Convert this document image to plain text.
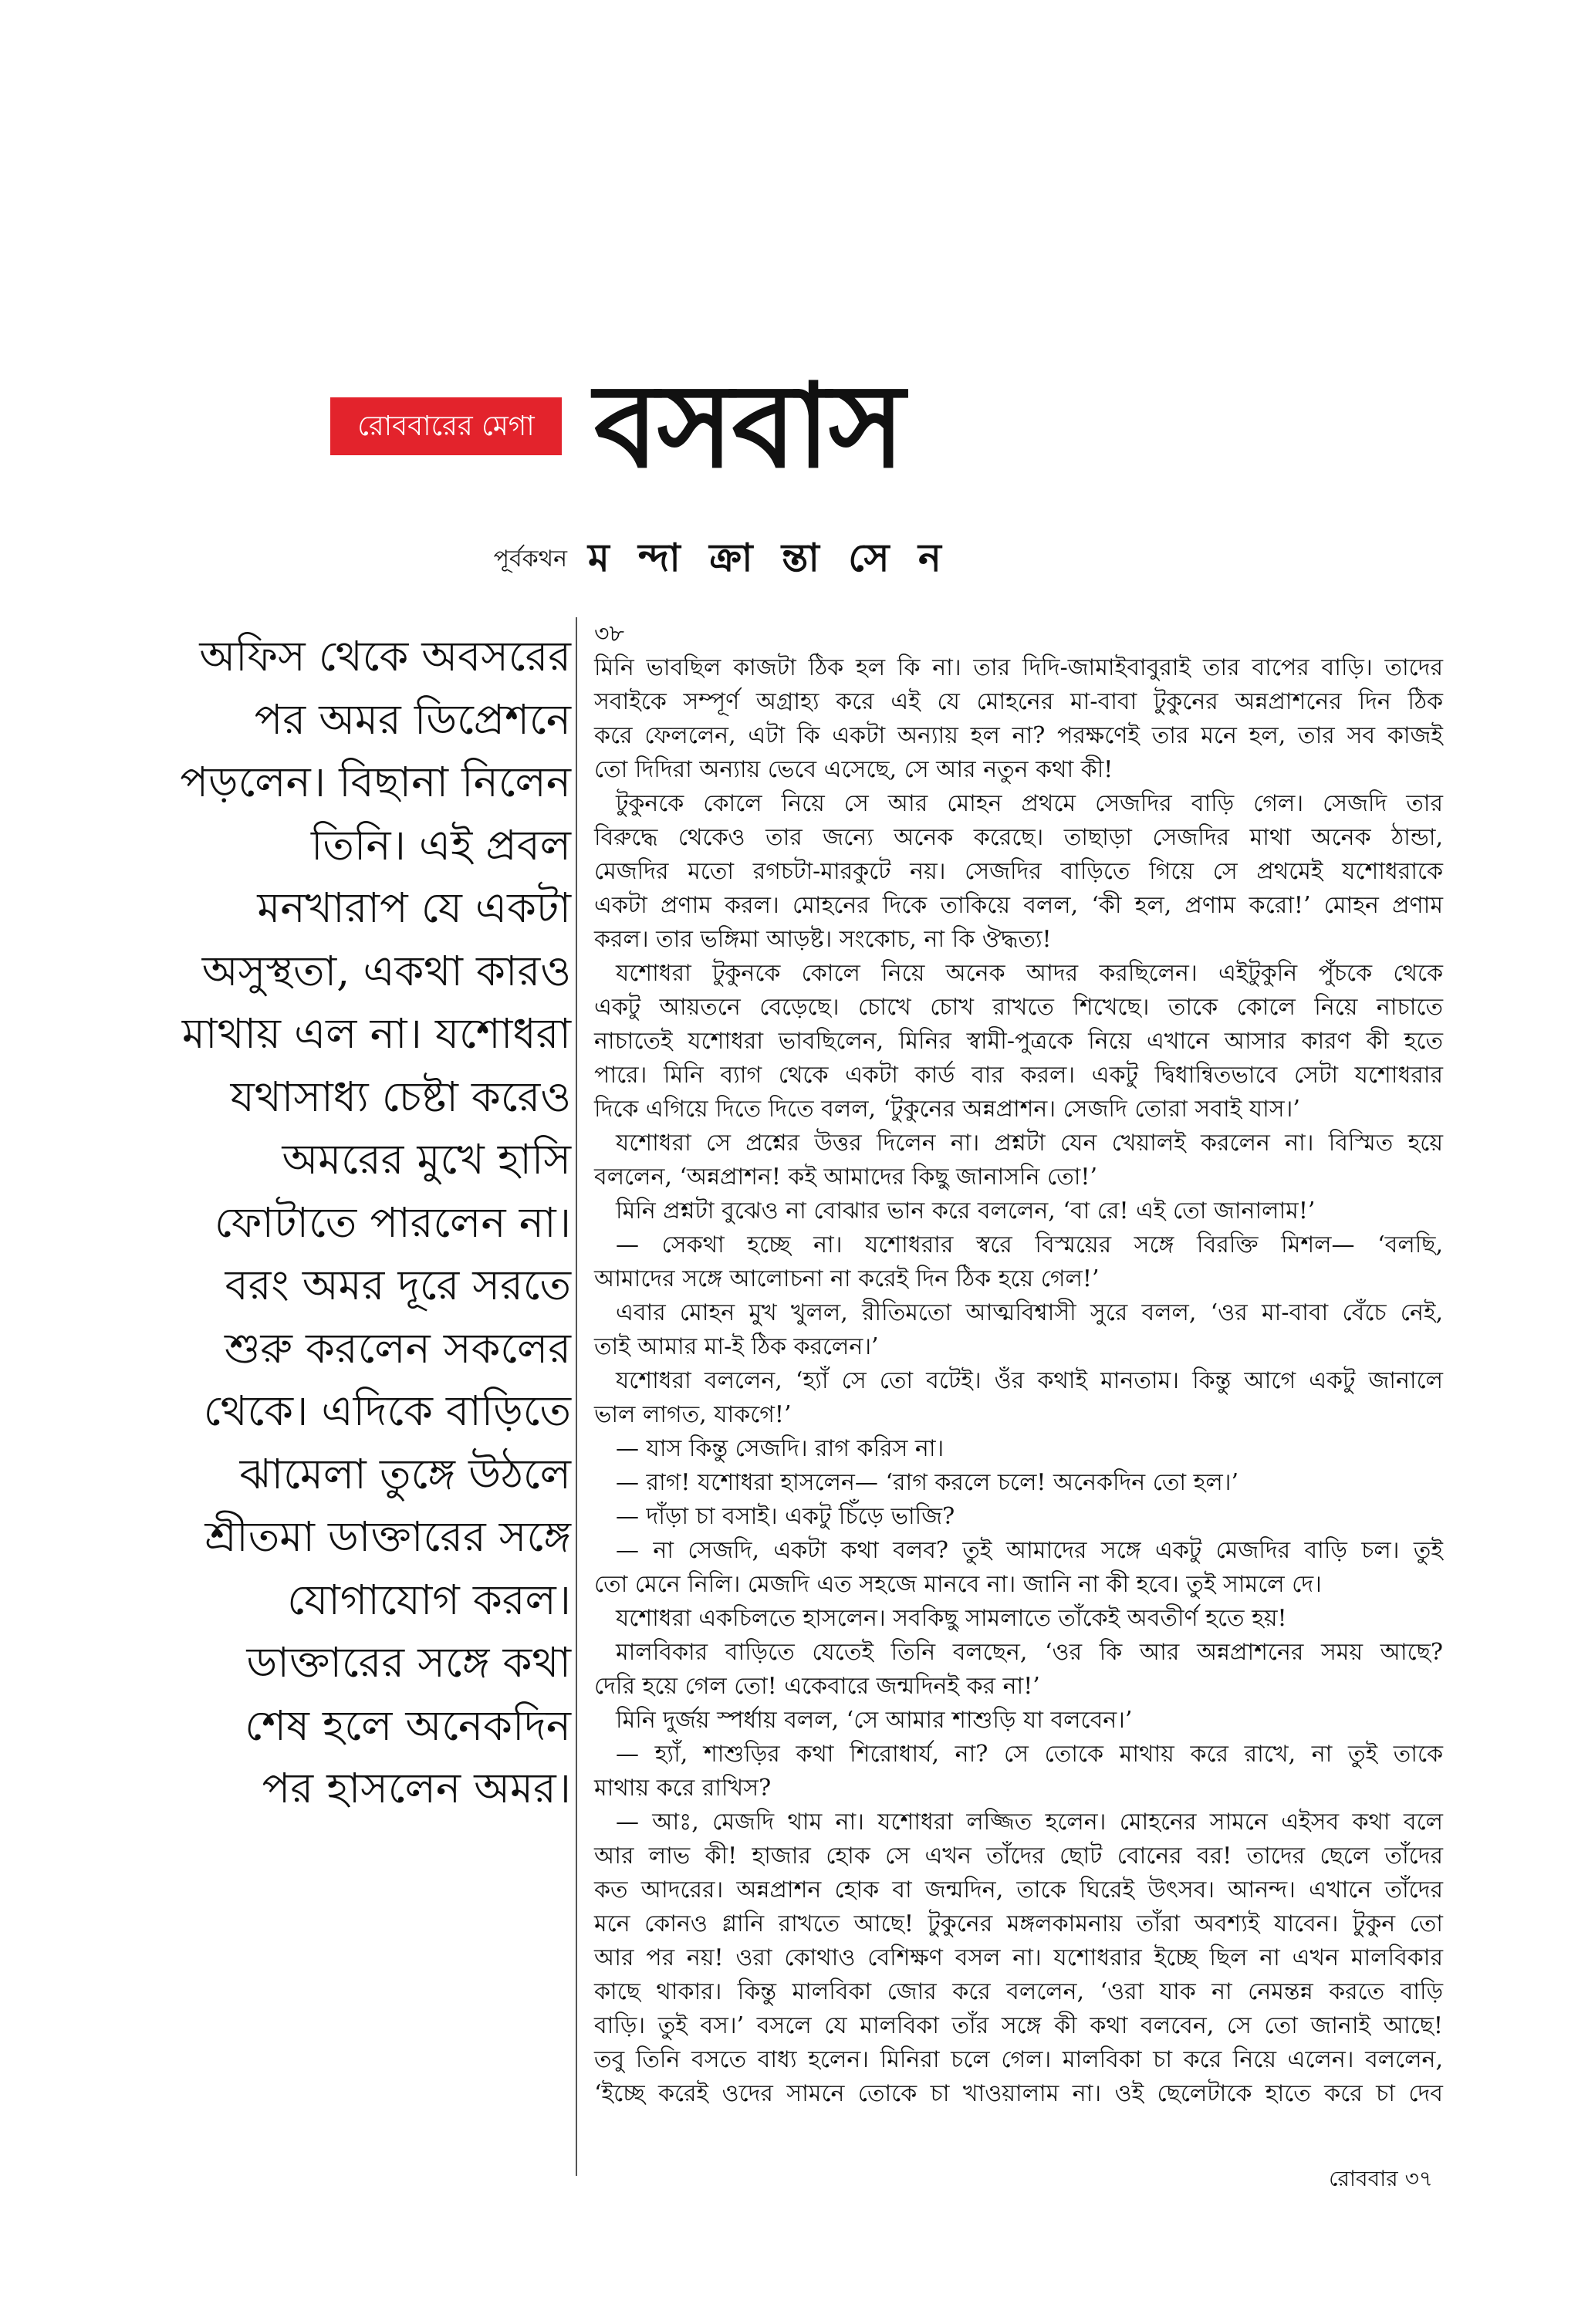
রোববারের মেগা বসবাস
পূর্বকথন ম ন্দা ক্রা ন্তা সে ন
অফিস থেকে অবসরের
পর অমর ডিপ্রেশনে
পড়লেন। বিছানা নিলেন
তিনি। এই প্রবল
মনখারাপ যে একটা
অসুস্থতা, একথা কারও
মাথায় এল না। যশোধরা
যথাসাধ্য চেষ্টা করেও
অমরের মুখে হাসি
ফোটাতে পারলেন না।
বরং অমর দূরে সরতে
শুরু করলেন সকলের
থেকে। এদিকে বাড়িতে
ঝামেলা তুঙ্গে উঠলে
শ্রীতমা ডাক্তারের সঙ্গে
যোগাযোগ করল।
ডাক্তারের সঙ্গে কথা
শেষ হলে অনেকদিন
পর হাসলেন অমর।
৩৮
মিনি ভাবছিল কাজটা ঠিক হল কি না। তার দিদি-জামাইবাবুরাই তার বাপের বাড়ি। তাদের
সবাইকে সম্পূর্ণ অগ্রাহ্য করে এই যে মোহনের মা-বাবা টুকুনের অন্নপ্রাশনের দিন ঠিক
করে ফেললেন, এটা কি একটা অন্যায় হল না? পরক্ষণেই তার মনে হল, তার সব কাজই
তো দিদিরা অন্যায় ভেবে এসেছে, সে আর নতুন কথা কী!
টুকুনকে কোলে নিয়ে সে আর মোহন প্রথমে সেজদির বাড়ি গেল। সেজদি তার
বিরুদ্ধে থেকেও তার জন্যে অনেক করেছে। তাছাড়া সেজদির মাথা অনেক ঠান্ডা,
মেজদির মতো রগচটা-মারকুটে নয়। সেজদির বাড়িতে গিয়ে সে প্রথমেই যশোধরাকে
একটা প্রণাম করল। মোহনের দিকে তাকিয়ে বলল, ‘কী হল, প্রণাম করো!’ মোহন প্রণাম
করল। তার ভঙ্গিমা আড়ষ্ট। সংকোচ, না কি ঔদ্ধত্য!
যশোধরা টুকুনকে কোলে নিয়ে অনেক আদর করছিলেন। এইটুকুনি পুঁচকে থেকে
একটু আয়তনে বেড়েছে। চোখে চোখ রাখতে শিখেছে। তাকে কোলে নিয়ে নাচাতে
নাচাতেই যশোধরা ভাবছিলেন, মিনির স্বামী-পুত্রকে নিয়ে এখানে আসার কারণ কী হতে
পারে। মিনি ব্যাগ থেকে একটা কার্ড বার করল। একটু দ্বিধান্বিতভাবে সেটা যশোধরার
দিকে এগিয়ে দিতে দিতে বলল, ‘টুকুনের অন্নপ্রাশন। সেজদি তোরা সবাই যাস।’
যশোধরা সে প্রশ্নের উত্তর দিলেন না। প্রশ্নটা যেন খেয়ালই করলেন না। বিস্মিত হয়ে
বললেন, ‘অন্নপ্রাশন! কই আমাদের কিছু জানাসনি তো!’
মিনি প্রশ্নটা বুঝেও না বোঝার ভান করে বললেন, ‘বা রে! এই তো জানালাম!’
— সেকথা হচ্ছে না। যশোধরার স্বরে বিস্ময়ের সঙ্গে বিরক্তি মিশল— ‘বলছি,
আমাদের সঙ্গে আলোচনা না করেই দিন ঠিক হয়ে গেল!’
এবার মোহন মুখ খুলল, রীতিমতো আত্মবিশ্বাসী সুরে বলল, ‘ওর মা-বাবা বেঁচে নেই,
তাই আমার মা-ই ঠিক করলেন।’
যশোধরা বললেন, ‘হ্যাঁ সে তো বটেই। ওঁর কথাই মানতাম। কিন্তু আগে একটু জানালে
ভাল লাগত, যাকগে!’
— যাস কিন্তু সেজদি। রাগ করিস না।
— রাগ! যশোধরা হাসলেন— ‘রাগ করলে চলে! অনেকদিন তো হল।’
— দাঁড়া চা বসাই। একটু চিঁড়ে ভাজি?
— না সেজদি, একটা কথা বলব? তুই আমাদের সঙ্গে একটু মেজদির বাড়ি চল। তুই
তো মেনে নিলি। মেজদি এত সহজে মানবে না। জানি না কী হবে। তুই সামলে দে।
যশোধরা একচিলতে হাসলেন। সবকিছু সামলাতে তাঁকেই অবতীর্ণ হতে হয়!
মালবিকার বাড়িতে যেতেই তিনি বলছেন, ‘ওর কি আর অন্নপ্রাশনের সময় আছে?
দেরি হয়ে গেল তো! একেবারে জন্মদিনই কর না!’
মিনি দুর্জয় স্পর্ধায় বলল, ‘সে আমার শাশুড়ি যা বলবেন।’
— হ্যাঁ, শাশুড়ির কথা শিরোধার্য, না? সে তোকে মাথায় করে রাখে, না তুই তাকে
মাথায় করে রাখিস?
— আঃ, মেজদি থাম না। যশোধরা লজ্জিত হলেন। মোহনের সামনে এইসব কথা বলে
আর লাভ কী! হাজার হোক সে এখন তাঁদের ছোট বোনের বর! তাদের ছেলে তাঁদের
কত আদরের। অন্নপ্রাশন হোক বা জন্মদিন, তাকে ঘিরেই উৎসব। আনন্দ। এখানে তাঁদের
মনে কোনও গ্লানি রাখতে আছে! টুকুনের মঙ্গলকামনায় তাঁরা অবশ্যই যাবেন। টুকুন তো
আর পর নয়! ওরা কোথাও বেশিক্ষণ বসল না। যশোধরার ইচ্ছে ছিল না এখন মালবিকার
কাছে থাকার। কিন্তু মালবিকা জোর করে বললেন, ‘ওরা যাক না নেমন্তন্ন করতে বাড়ি
বাড়ি। তুই বস।’ বসলে যে মালবিকা তাঁর সঙ্গে কী কথা বলবেন, সে তো জানাই আছে!
তবু তিনি বসতে বাধ্য হলেন। মিনিরা চলে গেল। মালবিকা চা করে নিয়ে এলেন। বললেন,
‘ইচ্ছে করেই ওদের সামনে তোকে চা খাওয়ালাম না। ওই ছেলেটাকে হাতে করে চা দেব
রোববার ৩৭
